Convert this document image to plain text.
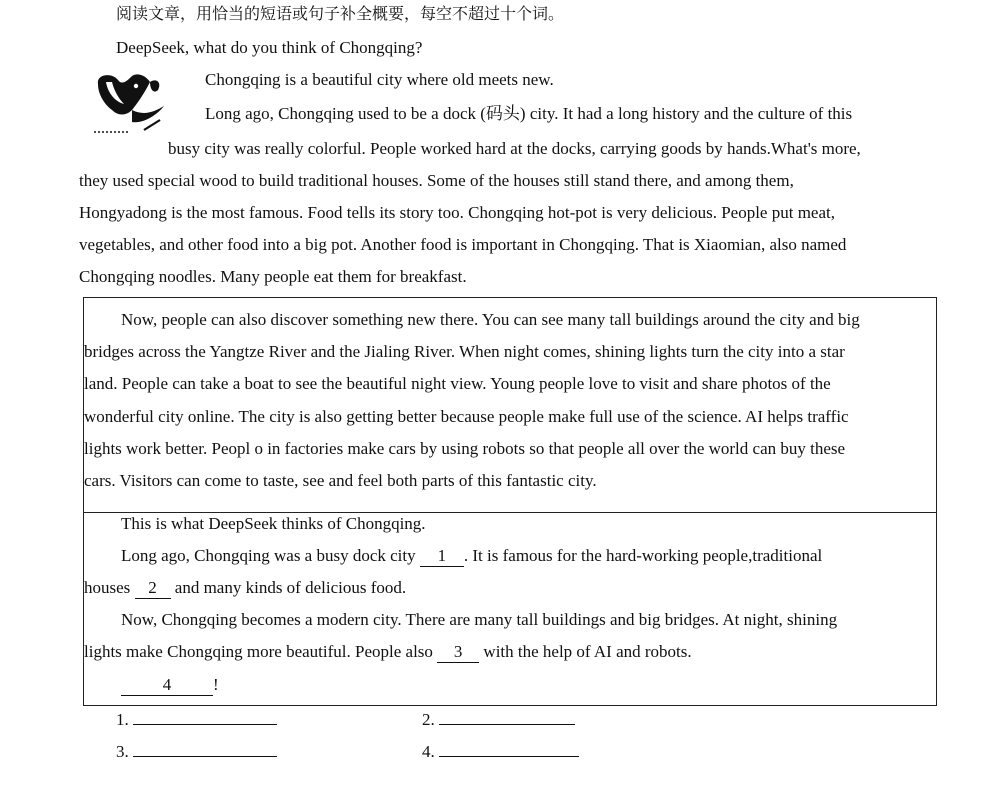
阅读文章，用恰当的短语或句子补全概要，每空不超过十个词。
DeepSeek, what do you think of Chongqing?
Chongqing is a beautiful city where old meets new.
Long ago, Chongqing used to be a dock (码头) city. It had a long history and the culture of this
busy city was really colorful. People worked hard at the docks, carrying goods by hands.What's more,
they used special wood to build traditional houses. Some of the houses still stand there, and among them,
Hongyadong is the most famous. Food tells its story too. Chongqing hot-pot is very delicious. People put meat,
vegetables, and other food into a big pot. Another food is important in Chongqing. That is Xiaomian, also named
Chongqing noodles. Many people eat them for breakfast.
Now, people can also discover something new there. You can see many tall buildings around the city and big
bridges across the Yangtze River and the Jialing River. When night comes, shining lights turn the city into a star
land. People can take a boat to see the beautiful night view. Young people love to visit and share photos of the
wonderful city online. The city is also getting better because people make full use of the science. AI helps traffic
lights work better. Peopl o in factories make cars by using robots so that people all over the world can buy these
cars. Visitors can come to taste, see and feel both parts of this fantastic city.
This is what DeepSeek thinks of Chongqing.
Long ago, Chongqing was a busy dock city 1 . It is famous for the hard-working people,traditional
houses 2 and many kinds of delicious food.
Now, Chongqing becomes a modern city. There are many tall buildings and big bridges. At night, shining
lights make Chongqing more beautiful. People also 3 with the help of AI and robots.
4 !
1.	2.
3.	4.
